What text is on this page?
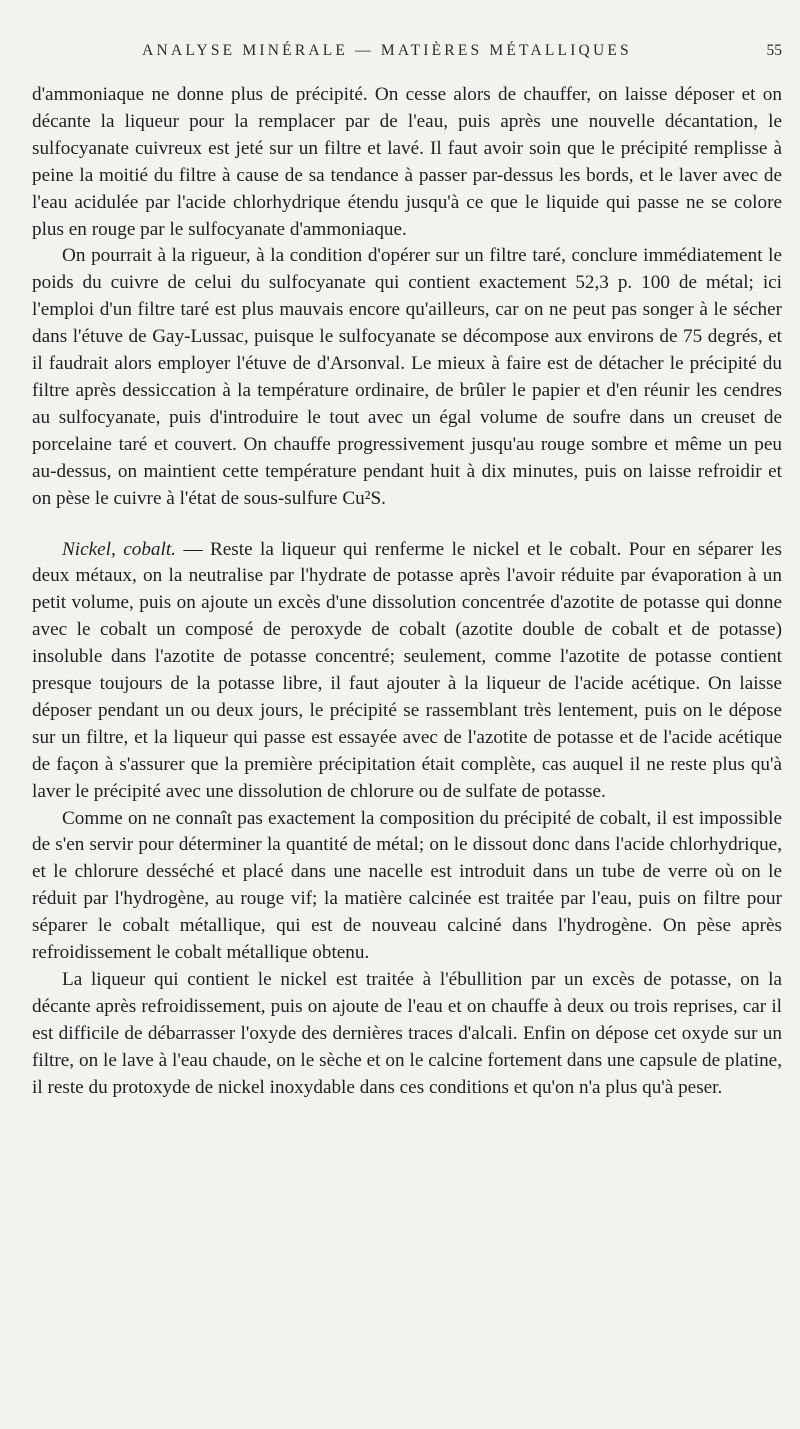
ANALYSE MINÉRALE — MATIÈRES MÉTALLIQUES	55

d'ammoniaque ne donne plus de précipité. On cesse alors de chauffer, on laisse déposer et on décante la liqueur pour la remplacer par de l'eau, puis après une nouvelle décantation, le sulfocyanate cuivreux est jeté sur un filtre et lavé. Il faut avoir soin que le précipité remplisse à peine la moitié du filtre à cause de sa tendance à passer par-dessus les bords, et le laver avec de l'eau acidulée par l'acide chlorhydrique étendu jusqu'à ce que le liquide qui passe ne se colore plus en rouge par le sulfocyanate d'ammoniaque.

On pourrait à la rigueur, à la condition d'opérer sur un filtre taré, conclure immédiatement le poids du cuivre de celui du sulfocyanate qui contient exactement 52,3 p. 100 de métal; ici l'emploi d'un filtre taré est plus mauvais encore qu'ailleurs, car on ne peut pas songer à le sécher dans l'étuve de Gay-Lussac, puisque le sulfocyanate se décompose aux environs de 75 degrés, et il faudrait alors employer l'étuve de d'Arsonval. Le mieux à faire est de détacher le précipité du filtre après dessiccation à la température ordinaire, de brûler le papier et d'en réunir les cendres au sulfocyanate, puis d'introduire le tout avec un égal volume de soufre dans un creuset de porcelaine taré et couvert. On chauffe progressivement jusqu'au rouge sombre et même un peu au-dessus, on maintient cette température pendant huit à dix minutes, puis on laisse refroidir et on pèse le cuivre à l'état de sous-sulfure Cu²S.

Nickel, cobalt. — Reste la liqueur qui renferme le nickel et le cobalt. Pour en séparer les deux métaux, on la neutralise par l'hydrate de potasse après l'avoir réduite par évaporation à un petit volume, puis on ajoute un excès d'une dissolution concentrée d'azotite de potasse qui donne avec le cobalt un composé de peroxyde de cobalt (azotite double de cobalt et de potasse) insoluble dans l'azotite de potasse concentré; seulement, comme l'azotite de potasse contient presque toujours de la potasse libre, il faut ajouter à la liqueur de l'acide acétique. On laisse déposer pendant un ou deux jours, le précipité se rassemblant très lentement, puis on le dépose sur un filtre, et la liqueur qui passe est essayée avec de l'azotite de potasse et de l'acide acétique de façon à s'assurer que la première précipitation était complète, cas auquel il ne reste plus qu'à laver le précipité avec une dissolution de chlorure ou de sulfate de potasse.

Comme on ne connaît pas exactement la composition du précipité de cobalt, il est impossible de s'en servir pour déterminer la quantité de métal; on le dissout donc dans l'acide chlorhydrique, et le chlorure desséché et placé dans une nacelle est introduit dans un tube de verre où on le réduit par l'hydrogène, au rouge vif; la matière calcinée est traitée par l'eau, puis on filtre pour séparer le cobalt métallique, qui est de nouveau calciné dans l'hydrogène. On pèse après refroidissement le cobalt métallique obtenu.

La liqueur qui contient le nickel est traitée à l'ébullition par un excès de potasse, on la décante après refroidissement, puis on ajoute de l'eau et on chauffe à deux ou trois reprises, car il est difficile de débarrasser l'oxyde des dernières traces d'alcali. Enfin on dépose cet oxyde sur un filtre, on le lave à l'eau chaude, on le sèche et on le calcine fortement dans une capsule de platine, il reste du protoxyde de nickel inoxydable dans ces conditions et qu'on n'a plus qu'à peser.
